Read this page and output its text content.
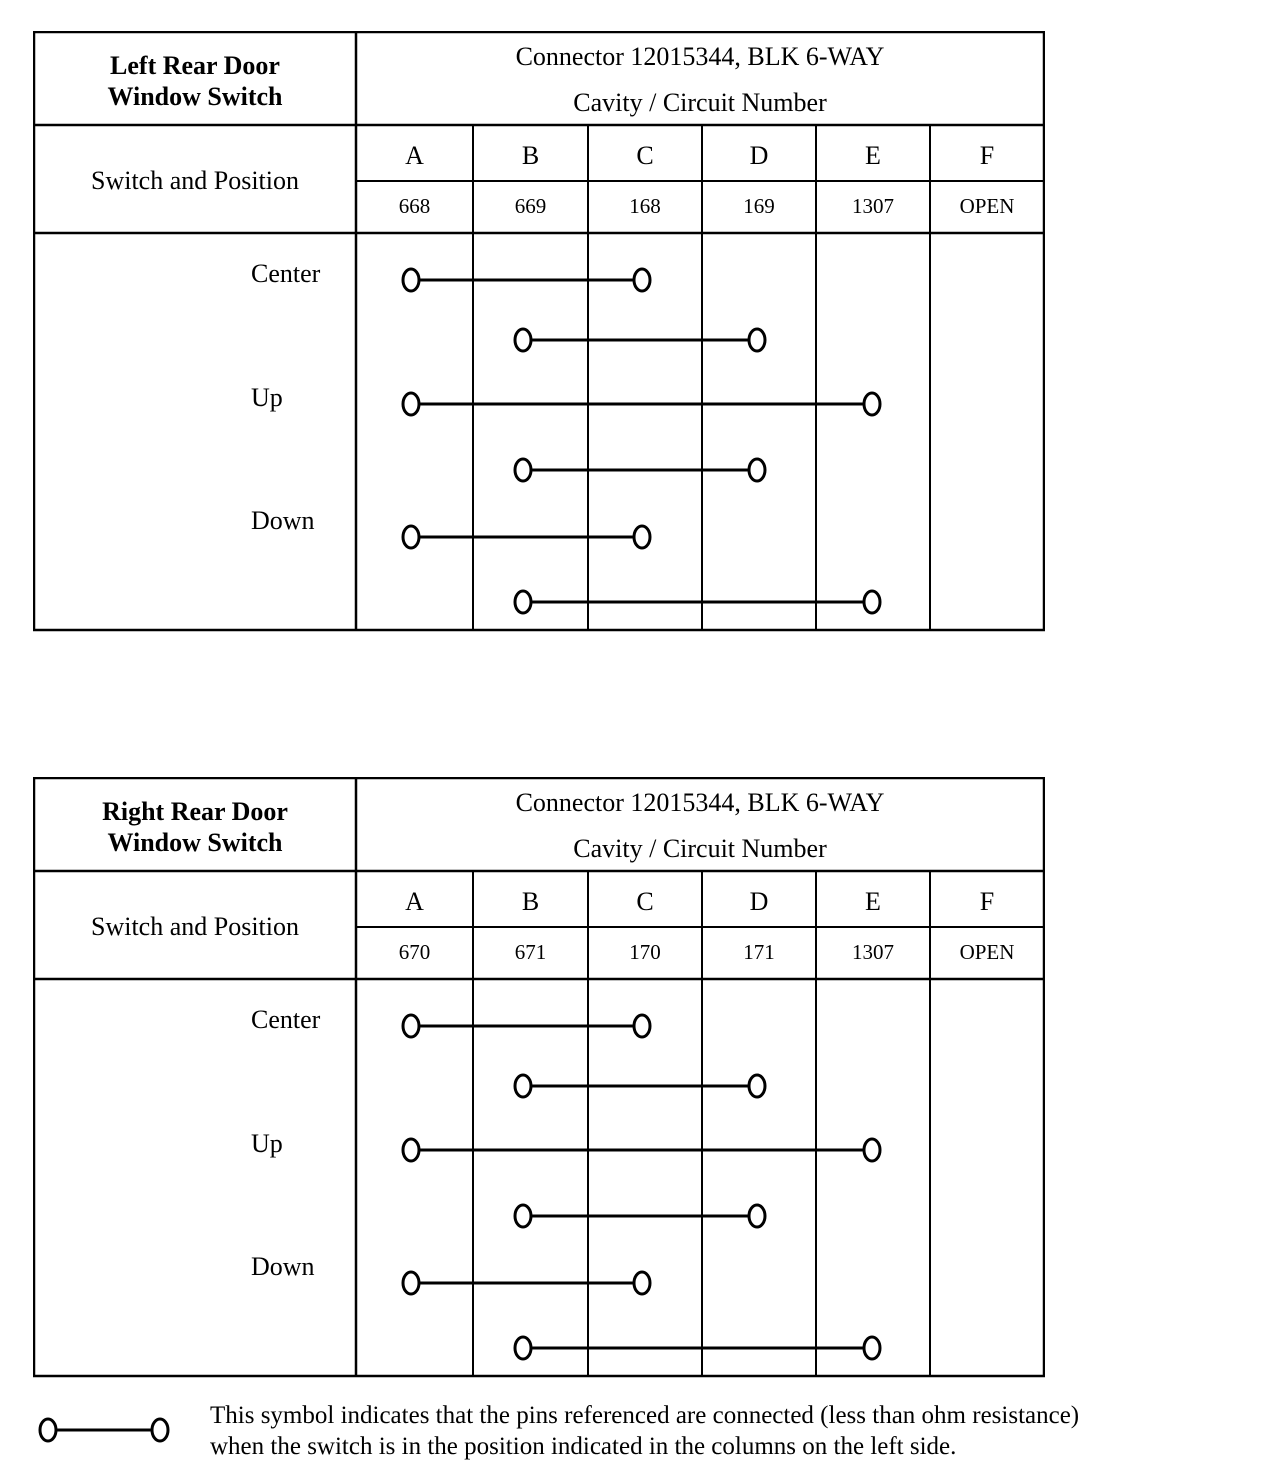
Left Rear Door
Window Switch
Connector 12015344, BLK 6-WAY
Cavity / Circuit Number
Switch and Position
A
668
B
669
C
168
D
169
E
1307
F
OPEN
Center
Up
Down
Right Rear Door
Window Switch
Connector 12015344, BLK 6-WAY
Cavity / Circuit Number
Switch and Position
A
670
B
671
C
170
D
171
E
1307
F
OPEN
Center
Up
Down
This symbol indicates that the pins referenced are connected (less than ohm resistance)
when the switch is in the position indicated in the columns on the left side.
